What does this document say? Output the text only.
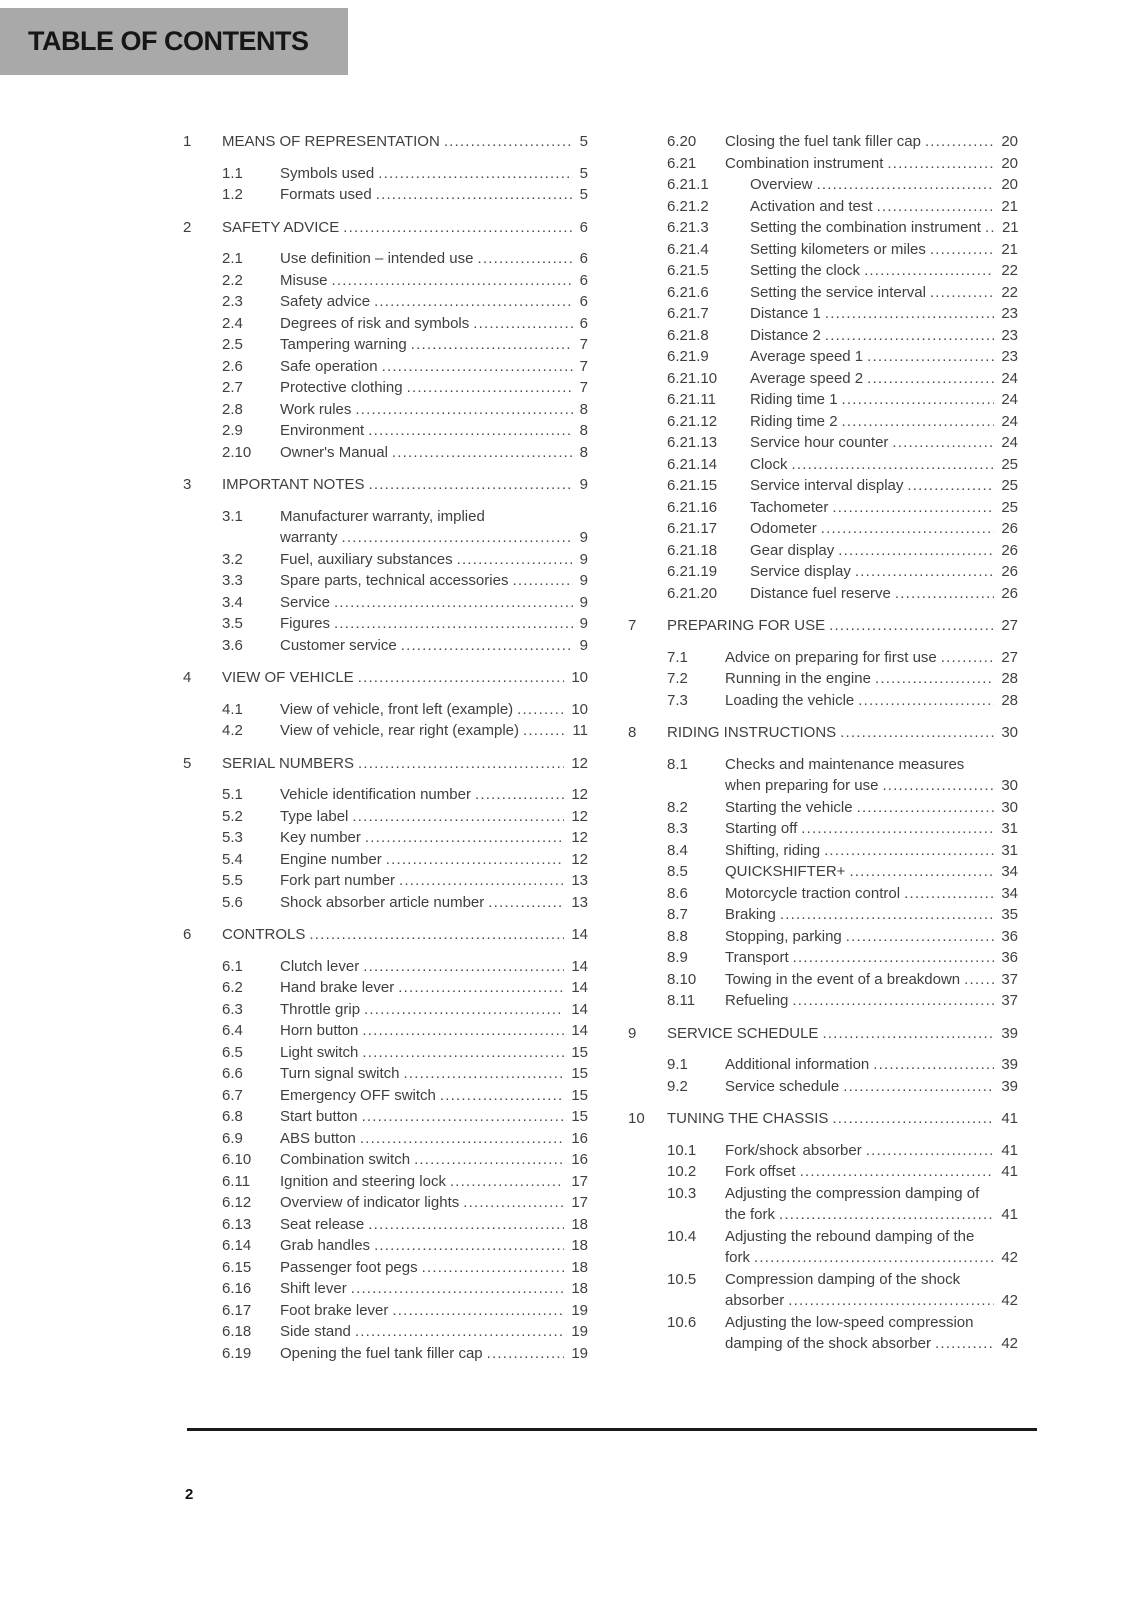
TABLE OF CONTENTS
1	MEANS OF REPRESENTATION .....	5
1.1	Symbols used .....	5
1.2	Formats used .....	5
2	SAFETY ADVICE .....	6
2.1	Use definition – intended use .....	6
2.2	Misuse .....	6
2.3	Safety advice .....	6
2.4	Degrees of risk and symbols .....	6
2.5	Tampering warning .....	7
2.6	Safe operation .....	7
2.7	Protective clothing .....	7
2.8	Work rules .....	8
2.9	Environment .....	8
2.10	Owner's Manual .....	8
3	IMPORTANT NOTES .....	9
3.1	Manufacturer warranty, implied
warranty .....	9
3.2	Fuel, auxiliary substances .....	9
3.3	Spare parts, technical accessories .....	9
3.4	Service .....	9
3.5	Figures .....	9
3.6	Customer service .....	9
4	VIEW OF VEHICLE .....	10
4.1	View of vehicle, front left (example) .....	10
4.2	View of vehicle, rear right (example) .....	11
5	SERIAL NUMBERS .....	12
5.1	Vehicle identification number .....	12
5.2	Type label .....	12
5.3	Key number .....	12
5.4	Engine number .....	12
5.5	Fork part number .....	13
5.6	Shock absorber article number .....	13
6	CONTROLS .....	14
6.1	Clutch lever .....	14
6.2	Hand brake lever .....	14
6.3	Throttle grip .....	14
6.4	Horn button .....	14
6.5	Light switch .....	15
6.6	Turn signal switch .....	15
6.7	Emergency OFF switch .....	15
6.8	Start button .....	15
6.9	ABS button .....	16
6.10	Combination switch .....	16
6.11	Ignition and steering lock .....	17
6.12	Overview of indicator lights .....	17
6.13	Seat release .....	18
6.14	Grab handles .....	18
6.15	Passenger foot pegs .....	18
6.16	Shift lever .....	18
6.17	Foot brake lever .....	19
6.18	Side stand .....	19
6.19	Opening the fuel tank filler cap .....	19
6.20	Closing the fuel tank filler cap .....	20
6.21	Combination instrument .....	20
6.21.1	Overview .....	20
6.21.2	Activation and test .....	21
6.21.3	Setting the combination instrument ..... 21
6.21.4	Setting kilometers or miles .....	21
6.21.5	Setting the clock .....	22
6.21.6	Setting the service interval .....	22
6.21.7	Distance 1 .....	23
6.21.8	Distance 2 .....	23
6.21.9	Average speed 1 .....	23
6.21.10	Average speed 2 .....	24
6.21.11	Riding time 1 .....	24
6.21.12	Riding time 2 .....	24
6.21.13	Service hour counter .....	24
6.21.14	Clock .....	25
6.21.15	Service interval display .....	25
6.21.16	Tachometer .....	25
6.21.17	Odometer .....	26
6.21.18	Gear display .....	26
6.21.19	Service display .....	26
6.21.20	Distance fuel reserve .....	26
7	PREPARING FOR USE .....	27
7.1	Advice on preparing for first use .....	27
7.2	Running in the engine .....	28
7.3	Loading the vehicle .....	28
8	RIDING INSTRUCTIONS .....	30
8.1	Checks and maintenance measures
when preparing for use .....	30
8.2	Starting the vehicle .....	30
8.3	Starting off .....	31
8.4	Shifting, riding .....	31
8.5	QUICKSHIFTER+ .....	34
8.6	Motorcycle traction control .....	34
8.7	Braking .....	35
8.8	Stopping, parking .....	36
8.9	Transport .....	36
8.10	Towing in the event of a breakdown .....	37
8.11	Refueling .....	37
9	SERVICE SCHEDULE .....	39
9.1	Additional information .....	39
9.2	Service schedule .....	39
10	TUNING THE CHASSIS .....	41
10.1	Fork/shock absorber .....	41
10.2	Fork offset .....	41
10.3	Adjusting the compression damping of
the fork .....	41
10.4	Adjusting the rebound damping of the
fork .....	42
10.5	Compression damping of the shock
absorber .....	42
10.6	Adjusting the low-speed compression
damping of the shock absorber .....	42
2
